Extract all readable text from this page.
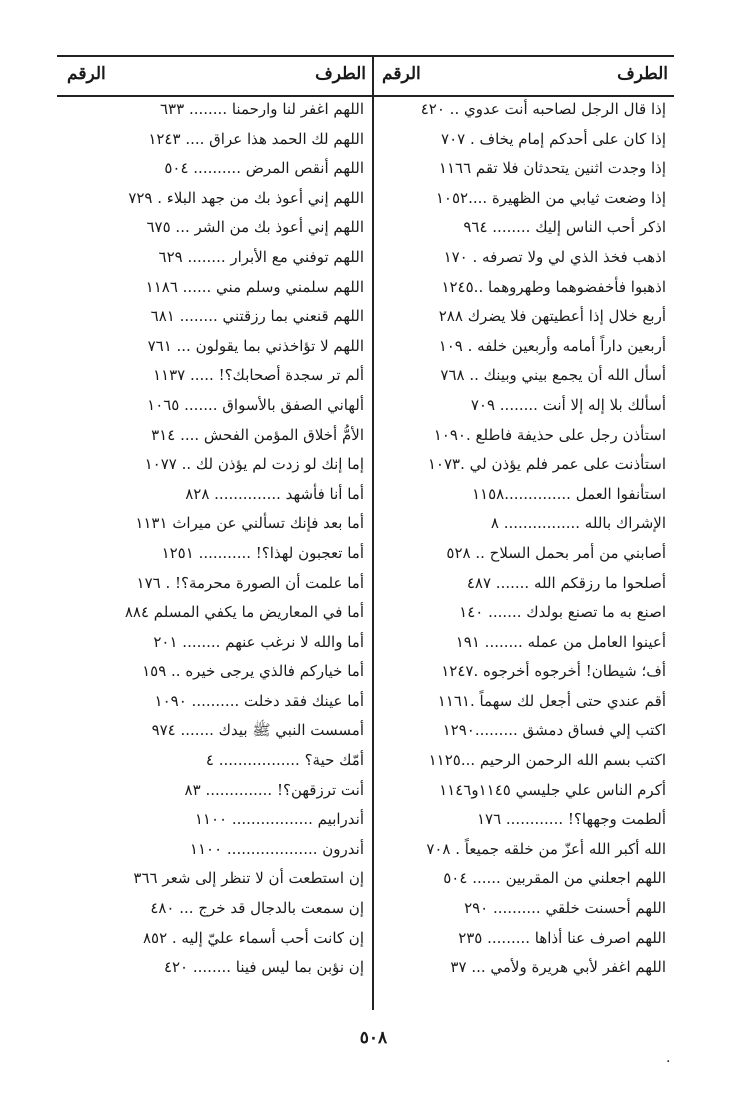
الطرف
الرقم
إذا قال الرجل لصاحبه أنت عدوي .. ٤٢٠
إذا كان على أحدكم إمام يخاف . ٧٠٧
إذا وجدت اثنين يتحدثان فلا تقم ١١٦٦
إذا وضعت ثيابي من الظهيرة ....١٠٥٢
اذكر أحب الناس إليك ........ ٩٦٤
اذهب فخذ الذي لي ولا تصرفه . ١٧٠
اذهبوا فأخفضوهما وطهروهما ..١٢٤٥
أربع خلال إذا أعطيتهن فلا يضرك ٢٨٨
أربعين داراً أمامه وأربعين خلفه . ١٠٩
أسأل الله أن يجمع بيني وبينك .. ٧٦٨
أسألك بلا إله إلا أنت ........ ٧٠٩
استأذن رجل على حذيفة فاطلع .١٠٩٠
استأذنت على عمر فلم يؤذن لي .١٠٧٣
استأنفوا العمل ..............١١٥٨
الإشراك بالله ................ ٨
أصابني من أمر بحمل السلاح .. ٥٢٨
أصلحوا ما رزقكم الله ....... ٤٨٧
اصنع به ما تصنع بولدك ....... ١٤٠
أعينوا العامل من عمله ........ ١٩١
أف؛ شيطان! أخرجوه أخرجوه .١٢٤٧
أقم عندي حتى أجعل لك سهماً .١١٦١
اكتب إلي فساق دمشق .........١٢٩٠
اكتب بسم الله الرحمن الرحيم ...١١٢٥
أكرم الناس علي جليسي ١١٤٥و١١٤٦
ألطمت وجهها؟! ............ ١٧٦
الله أكبر الله أعزّ من خلقه جميعاً . ٧٠٨
اللهم اجعلني من المقربين ...... ٥٠٤
اللهم أحسنت خلقي .......... ٢٩٠
اللهم اصرف عنا أذاها ......... ٢٣٥
اللهم اغفر لأبي هريرة ولأمي ... ٣٧
الطرف
الرقم
اللهم اغفر لنا وارحمنا ........ ٦٣٣
اللهم لك الحمد هذا عراق .... ١٢٤٣
اللهم أنقص المرض .......... ٥٠٤
اللهم إني أعوذ بك من جهد البلاء . ٧٢٩
اللهم إني أعوذ بك من الشر ... ٦٧٥
اللهم توفني مع الأبرار ........ ٦٢٩
اللهم سلمني وسلم مني ...... ١١٨٦
اللهم قنعني بما رزقتني ........ ٦٨١
اللهم لا تؤاخذني بما يقولون ... ٧٦١
ألم تر سجدة أصحابك؟! ..... ١١٣٧
ألهاني الصفق بالأسواق ....... ١٠٦٥
الأمُّ أخلاق المؤمن الفحش .... ٣١٤
إما إنك لو زدت لم يؤذن لك .. ١٠٧٧
أما أنا فأشهد .............. ٨٢٨
أما بعد فإنك تسألني عن ميراث ١١٣١
أما تعجبون لهذا؟! ........... ١٢٥١
أما علمت أن الصورة محرمة؟! . ١٧٦
أما في المعاريض ما يكفي المسلم ٨٨٤
أما والله لا نرغب عنهم ........ ٢٠١
أما خياركم فالذي يرجى خيره .. ١٥٩
أما عينك فقد دخلت .......... ١٠٩٠
أمسست النبي ﷺ بيدك ....... ٩٧٤
أمّك حية؟ ................. ٤
أنت ترزقهن؟! .............. ٨٣
أندرابيم ................. ١١٠٠
أندرون ................... ١١٠٠
إن استطعت أن لا تنظر إلى شعر ٣٦٦
إن سمعت بالدجال قد خرج ... ٤٨٠
إن كانت أحب أسماء عليّ إليه . ٨٥٢
إن نؤبن بما ليس فينا ........ ٤٢٠
٥٠٨
.
